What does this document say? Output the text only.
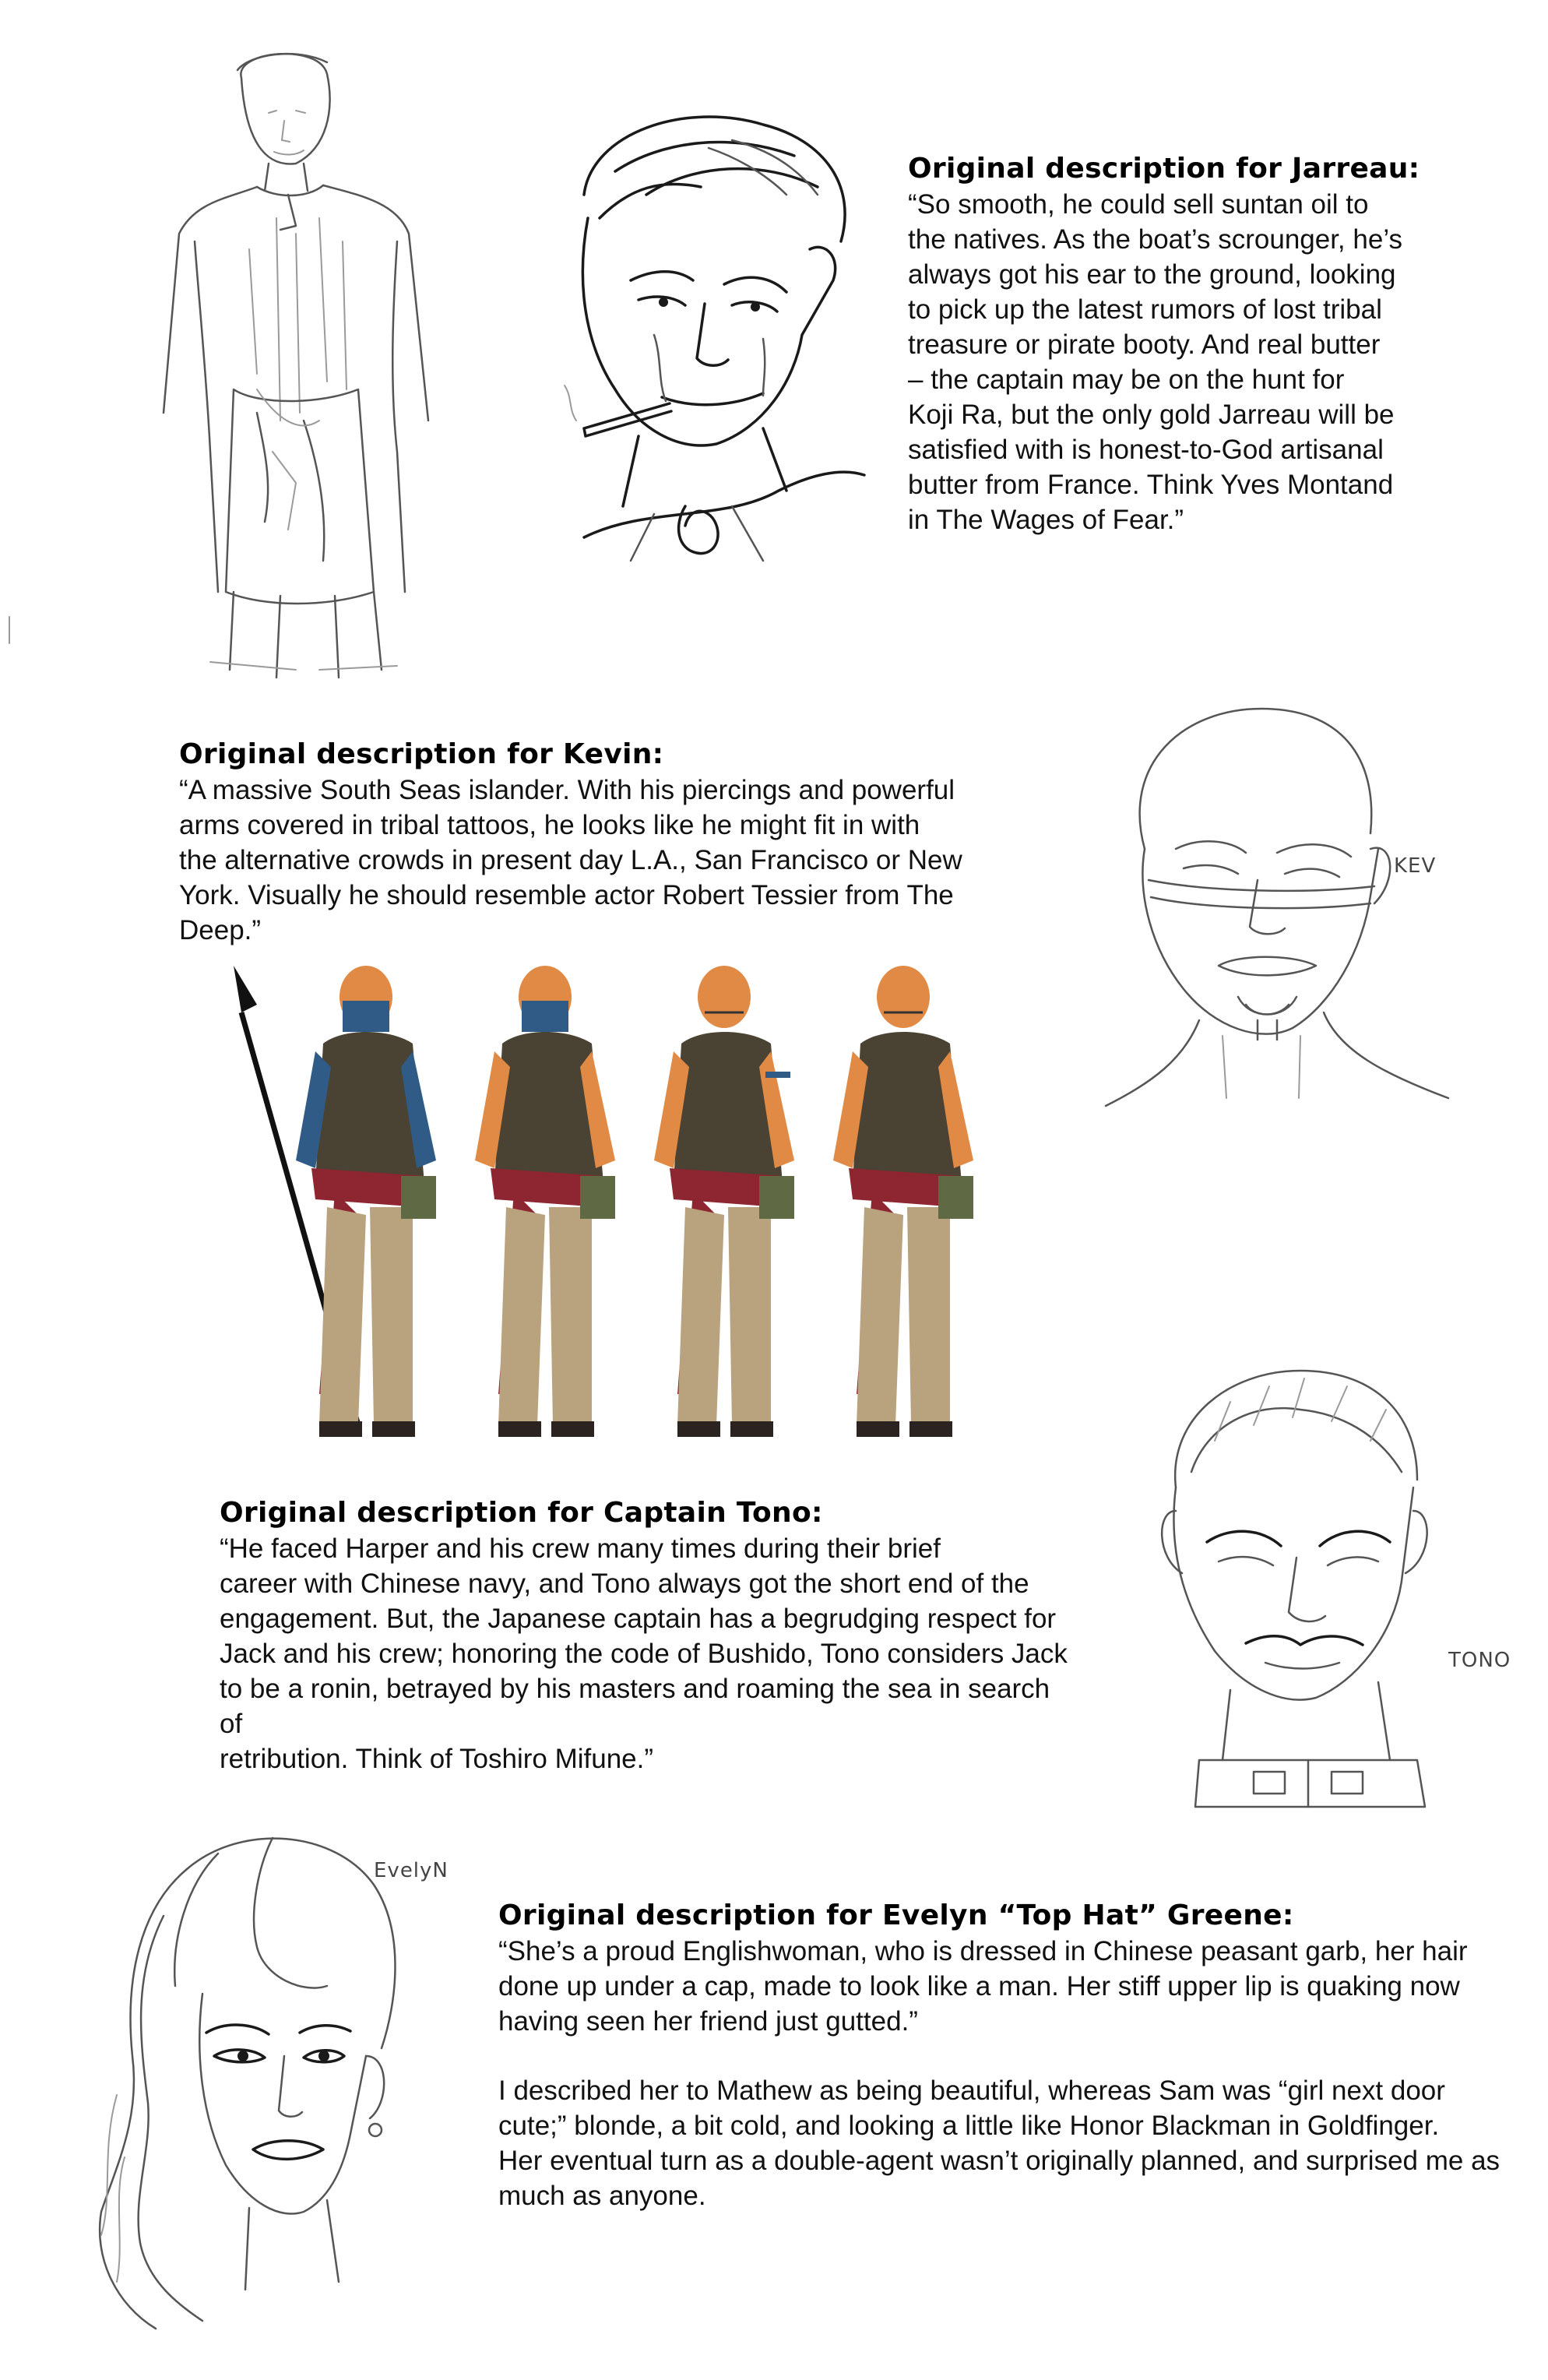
Original description for Jarreau:

“So smooth, he could sell suntan oil to
the natives. As the boat’s scrounger, he’s
always got his ear to the ground, looking
to pick up the latest rumors of lost tribal
treasure or pirate booty. And real butter
– the captain may be on the hunt for
Koji Ra, but the only gold Jarreau will be
satisfied with is honest-to-God artisanal
butter from France. Think Yves Montand
in The Wages of Fear.”

Original description for Kevin:

“A massive South Seas islander. With his piercings and powerful
arms covered in tribal tattoos, he looks like he might fit in with
the alternative crowds in present day L.A., San Francisco or New
York. Visually he should resemble actor Robert Tessier from The
Deep.”

KEV

Original description for Captain Tono:

“He faced Harper and his crew many times during their brief
career with Chinese navy, and Tono always got the short end of the
engagement. But, the Japanese captain has a begrudging respect for
Jack and his crew; honoring the code of Bushido, Tono considers Jack
to be a ronin, betrayed by his masters and roaming the sea in search of
retribution. Think of Toshiro Mifune.”

TONO
EvelyN

Original description for Evelyn “Top Hat” Greene:

“She’s a proud Englishwoman, who is dressed in Chinese peasant garb, her hair
done up under a cap, made to look like a man. Her stiff upper lip is quaking now
having seen her friend just gutted.”

I described her to Mathew as being beautiful, whereas Sam was “girl next door
cute;” blonde, a bit cold, and looking a little like Honor Blackman in Goldfinger.
Her eventual turn as a double-agent wasn’t originally planned, and surprised me as
much as anyone.
